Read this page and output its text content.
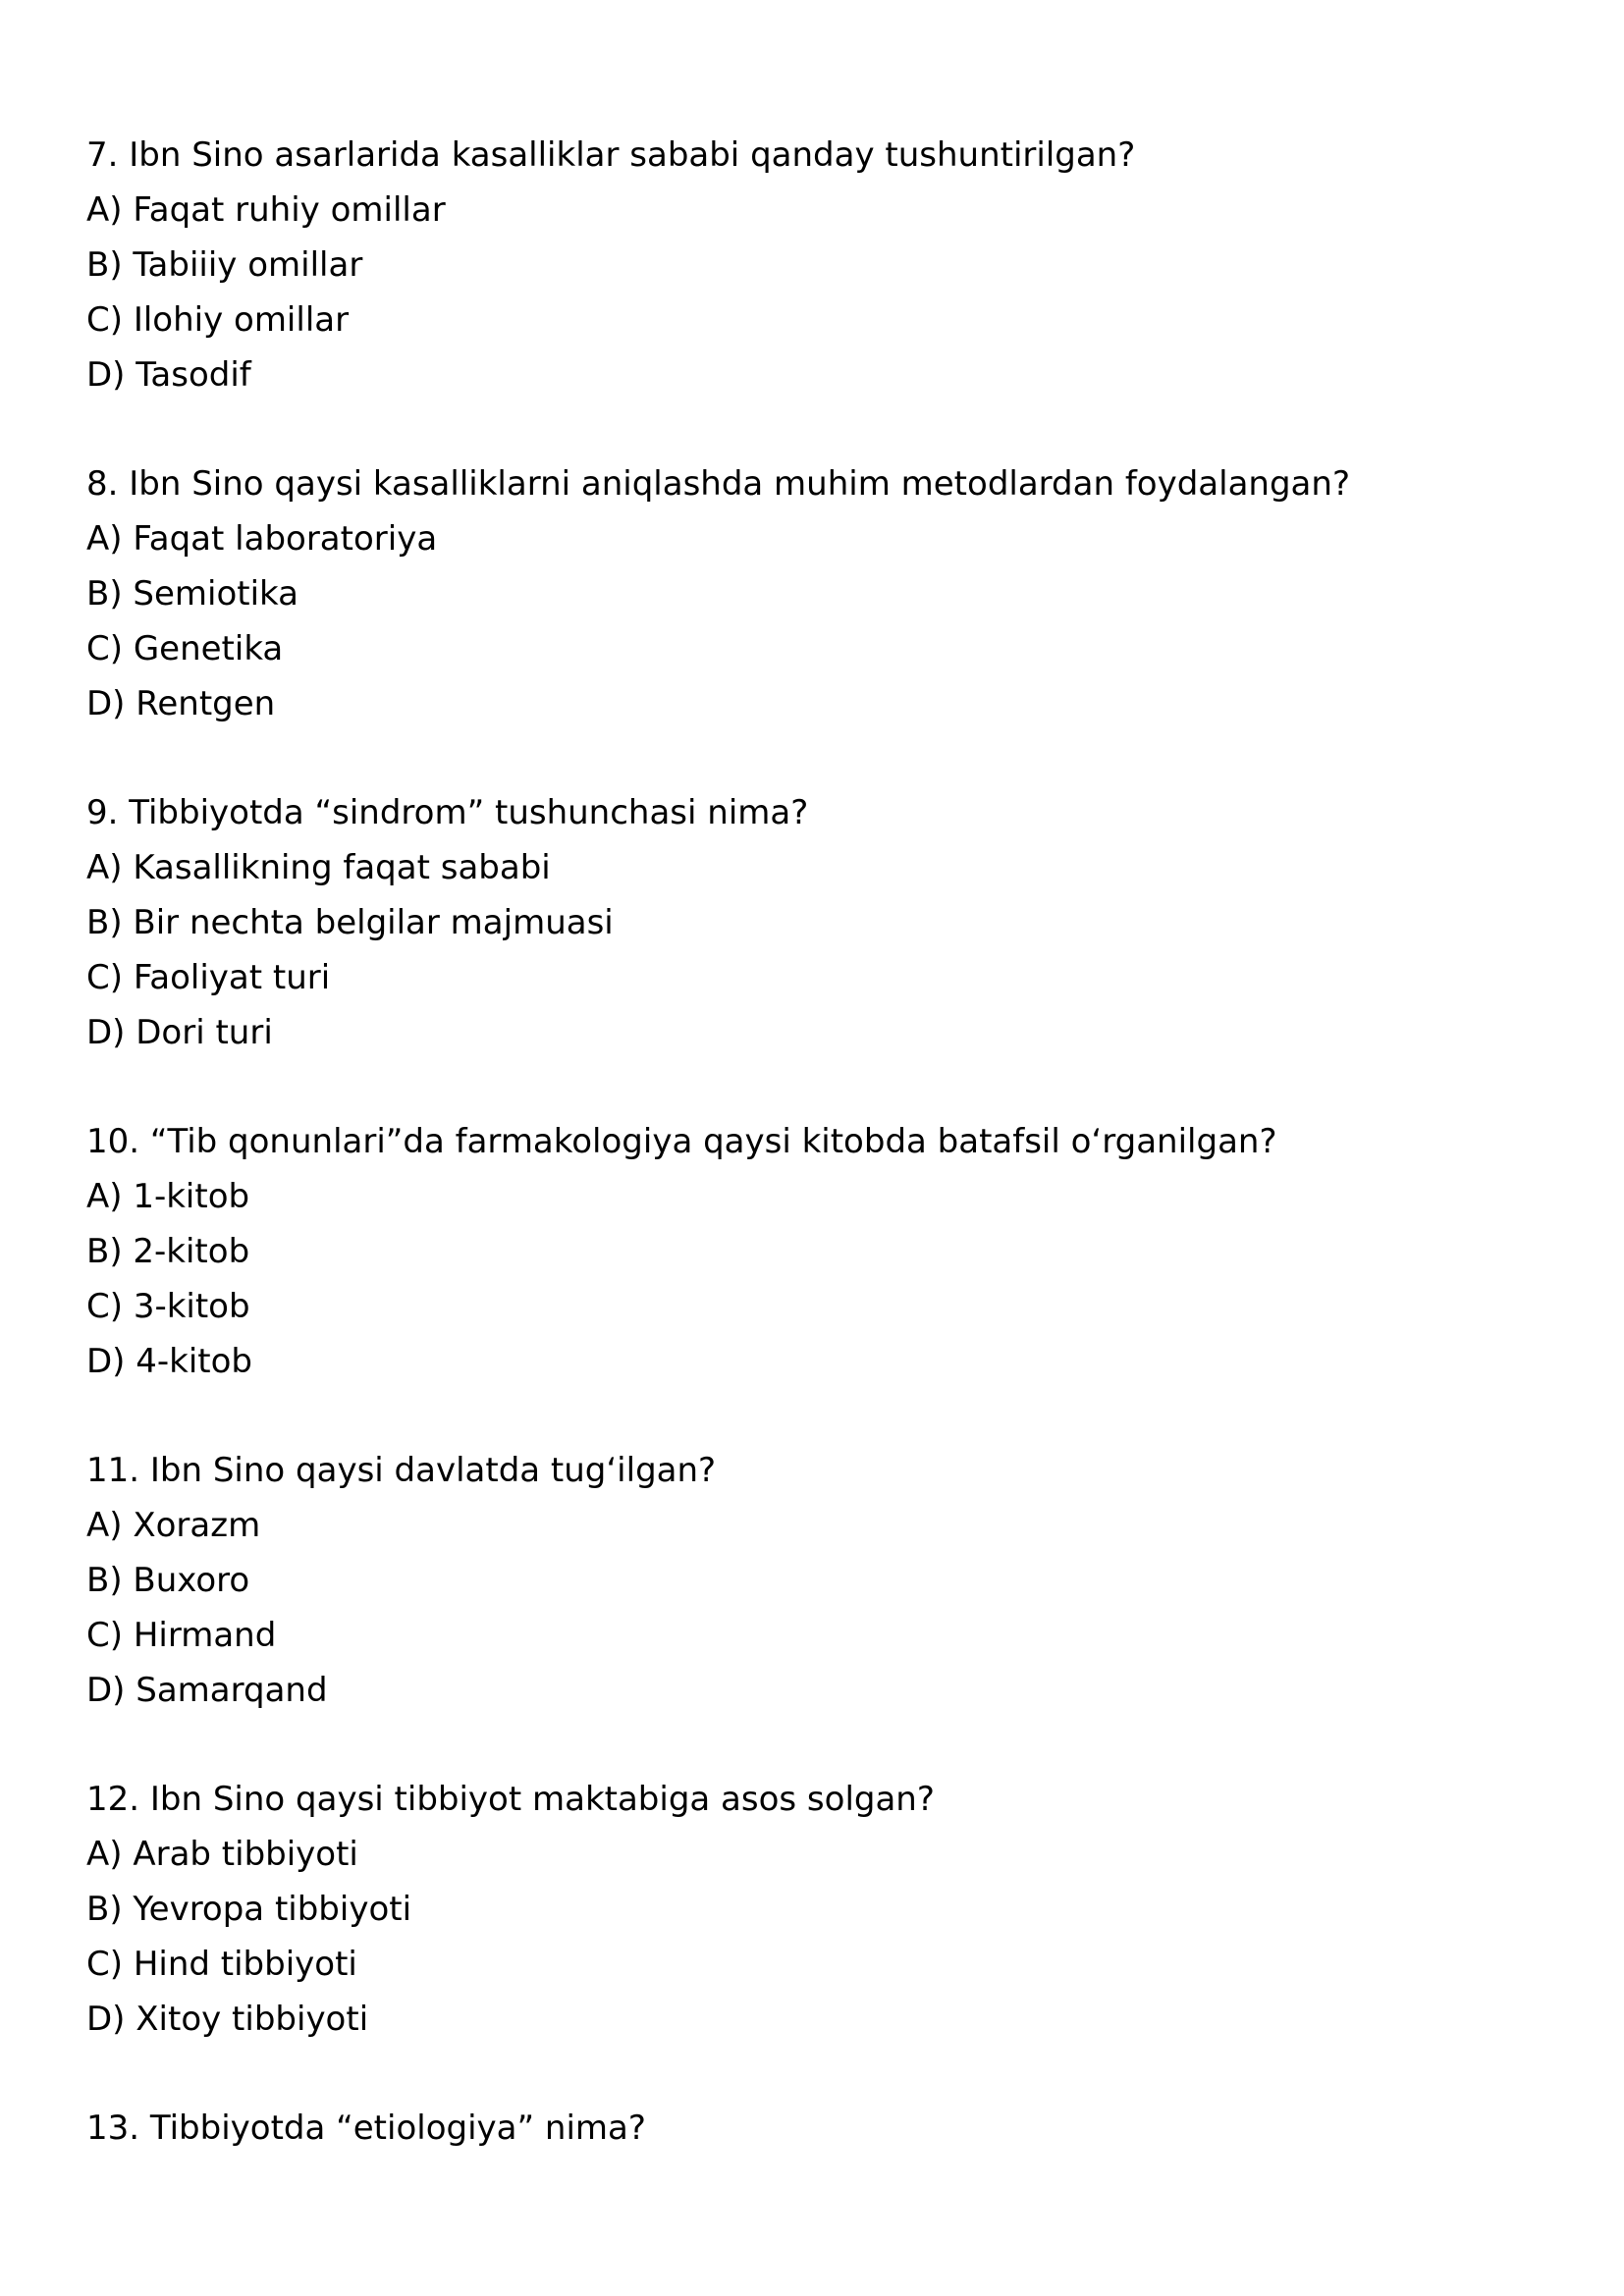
7. Ibn Sino asarlarida kasalliklar sababi qanday tushuntirilgan?
A) Faqat ruhiy omillar
B) Tabiiiy omillar
C) Ilohiy omillar
D) Tasodif
8. Ibn Sino qaysi kasalliklarni aniqlashda muhim metodlardan foydalangan?
A) Faqat laboratoriya
B) Semiotika
C) Genetika
D) Rentgen
9. Tibbiyotda “sindrom” tushunchasi nima?
A) Kasallikning faqat sababi
B) Bir nechta belgilar majmuasi
C) Faoliyat turi
D) Dori turi
10. “Tib qonunlari”da farmakologiya qaysi kitobda batafsil oʻrganilgan?
A) 1-kitob
B) 2-kitob
C) 3-kitob
D) 4-kitob
11. Ibn Sino qaysi davlatda tugʻilgan?
A) Xorazm
B) Buxoro
C) Hirmand
D) Samarqand
12. Ibn Sino qaysi tibbiyot maktabiga asos solgan?
A) Arab tibbiyoti
B) Yevropa tibbiyoti
C) Hind tibbiyoti
D) Xitoy tibbiyoti
13. Tibbiyotda “etiologiya” nima?
